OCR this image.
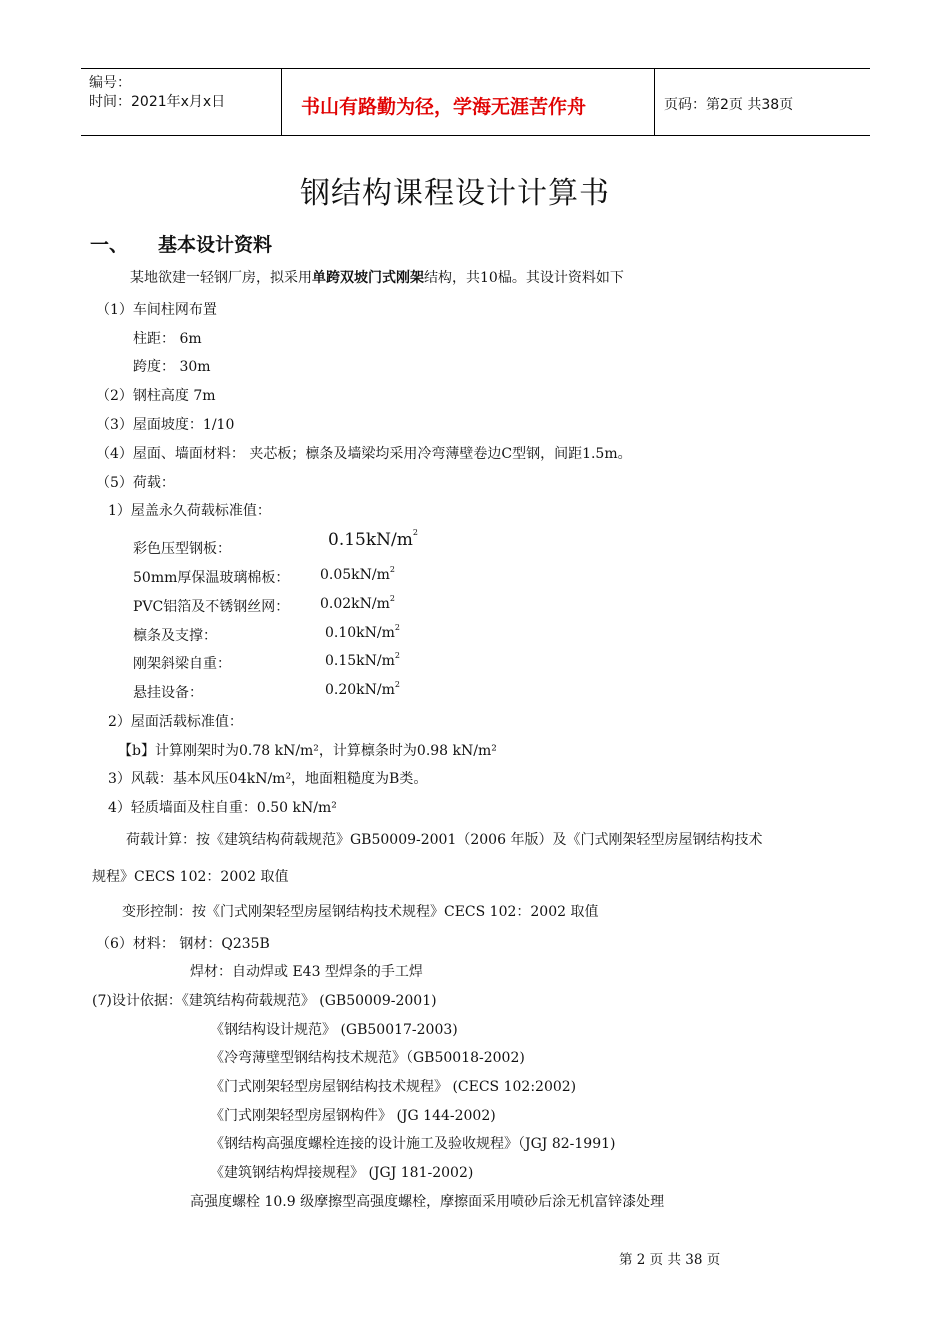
编号：
时间：2021年x月x日	书山有路勤为径，学海无涯苦作舟	页码：第2页 共38页
钢结构课程设计计算书
一、 基本设计资料
某地欲建一轻钢厂房，拟采用单跨双坡门式刚架结构，共10榀。其设计资料如下
（1）车间柱网布置
柱距： 6m
跨度： 30m
（2）钢柱高度 7m
（3）屋面坡度：1/10
（4）屋面、墙面材料： 夹芯板；檩条及墙梁均采用冷弯薄壁卷边C型钢，间距1.5m。
（5）荷载：
1）屋盖永久荷载标准值：
彩色压型钢板：	$0.15kN/m^2$
50mm厚保温玻璃棉板： $0.05kN/m^2$
PVC铝箔及不锈钢丝网： $0.02kN/m^2$
檩条及支撑：	$0.10kN/m^2$
刚架斜梁自重：	$0.15kN/m^2$
悬挂设备：	$0.20kN/m^2$
2）屋面活载标准值：
【b】计算刚架时为0.78 kN/m²，计算檩条时为0.98 kN/m²
3）风载：基本风压04kN/m²，地面粗糙度为B类。
4）轻质墙面及柱自重：0.50 kN/m²
荷载计算：按《建筑结构荷载规范》GB50009-2001（2006 年版）及《门式刚架轻型房屋钢结构技术
规程》CECS 102：2002 取值
变形控制：按《门式刚架轻型房屋钢结构技术规程》CECS 102：2002 取值
（6）材料： 钢材：Q235B
焊材：自动焊或 E43 型焊条的手工焊
(7)设计依据：《建筑结构荷载规范》 (GB50009-2001)
《钢结构设计规范》 (GB50017-2003)
《冷弯薄壁型钢结构技术规范》（GB50018-2002)
《门式刚架轻型房屋钢结构技术规程》 (CECS 102:2002)
《门式刚架轻型房屋钢构件》 (JG 144-2002)
《钢结构高强度螺栓连接的设计施工及验收规程》（JGJ 82-1991)
《建筑钢结构焊接规程》 (JGJ 181-2002)
高强度螺栓 10.9 级摩擦型高强度螺栓，摩擦面采用喷砂后涂无机富锌漆处理
第 2 页 共 38 页
